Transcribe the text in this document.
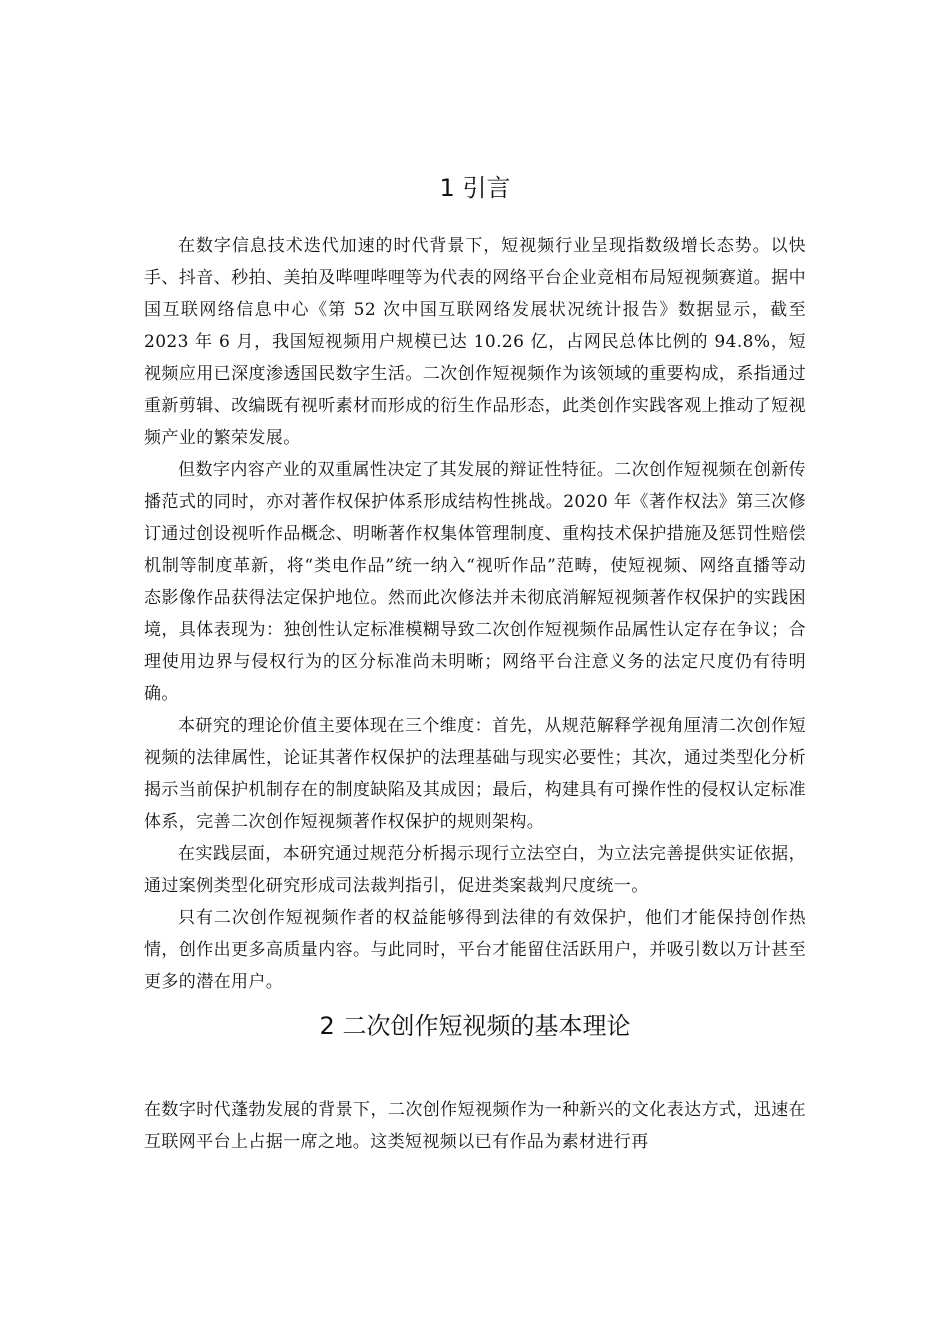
1 引言

在数字信息技术迭代加速的时代背景下，短视频行业呈现指数级增长态势。以快手、抖音、秒拍、美拍及哔哩哔哩等为代表的网络平台企业竞相布局短视频赛道。据中国互联网络信息中心《第 52 次中国互联网络发展状况统计报告》数据显示，截至 2023 年 6 月，我国短视频用户规模已达 10.26 亿，占网民总体比例的 94.8%，短视频应用已深度渗透国民数字生活。二次创作短视频作为该领域的重要构成，系指通过重新剪辑、改编既有视听素材而形成的衍生作品形态，此类创作实践客观上推动了短视频产业的繁荣发展。

但数字内容产业的双重属性决定了其发展的辩证性特征。二次创作短视频在创新传播范式的同时，亦对著作权保护体系形成结构性挑战。2020 年《著作权法》第三次修订通过创设视听作品概念、明晰著作权集体管理制度、重构技术保护措施及惩罚性赔偿机制等制度革新，将“类电作品”统一纳入“视听作品”范畴，使短视频、网络直播等动态影像作品获得法定保护地位。然而此次修法并未彻底消解短视频著作权保护的实践困境，具体表现为：独创性认定标准模糊导致二次创作短视频作品属性认定存在争议；合理使用边界与侵权行为的区分标准尚未明晰；网络平台注意义务的法定尺度仍有待明确。

本研究的理论价值主要体现在三个维度：首先，从规范解释学视角厘清二次创作短视频的法律属性，论证其著作权保护的法理基础与现实必要性；其次，通过类型化分析揭示当前保护机制存在的制度缺陷及其成因；最后，构建具有可操作性的侵权认定标准体系，完善二次创作短视频著作权保护的规则架构。

在实践层面，本研究通过规范分析揭示现行立法空白，为立法完善提供实证依据，通过案例类型化研究形成司法裁判指引，促进类案裁判尺度统一。

只有二次创作短视频作者的权益能够得到法律的有效保护，他们才能保持创作热情，创作出更多高质量内容。与此同时，平台才能留住活跃用户，并吸引数以万计甚至更多的潜在用户。

2 二次创作短视频的基本理论

在数字时代蓬勃发展的背景下，二次创作短视频作为一种新兴的文化表达方式，迅速在互联网平台上占据一席之地。这类短视频以已有作品为素材进行再
